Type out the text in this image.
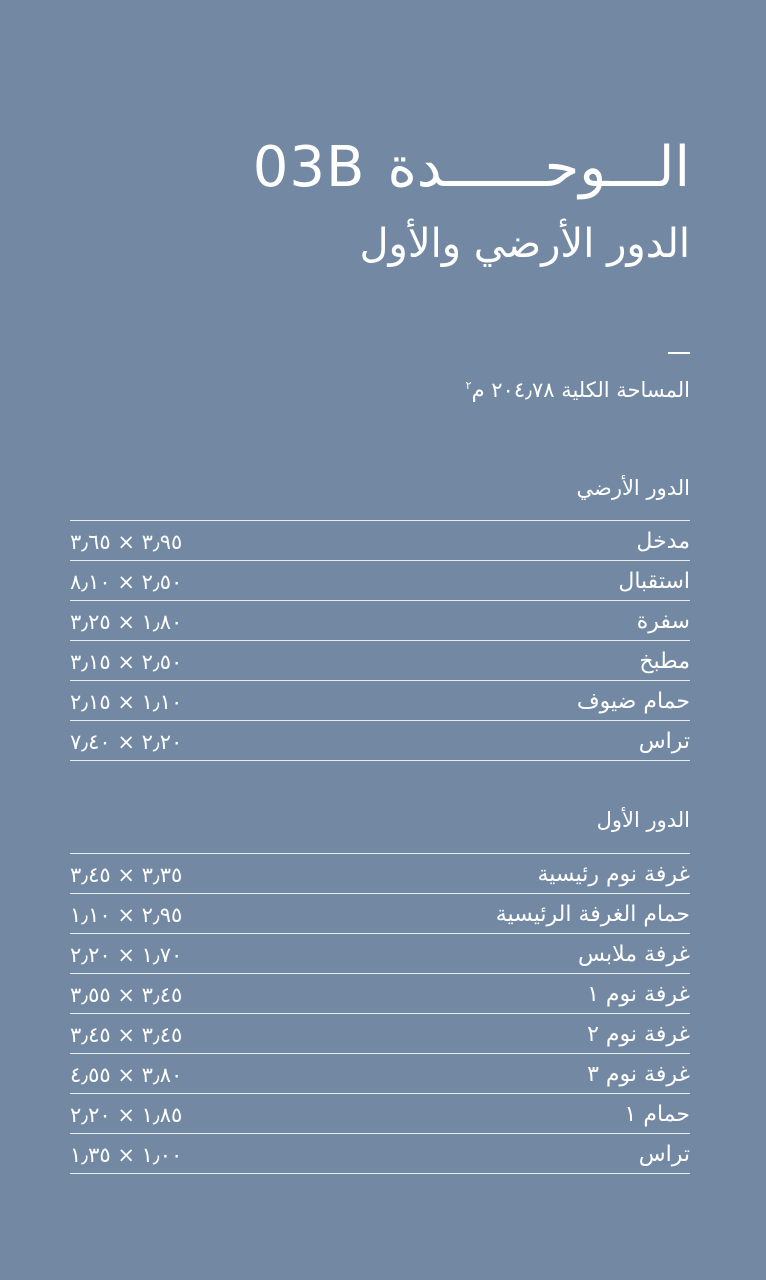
03B الـــوحــــــدة
الدور الأرضي والأول
المساحة الكلية ٢٠٤٫٧٨ م$^٢$
الدور الأرضي
٣٫٩٥ × ٣٫٦٥	مدخل
٢٫٥٠ × ٨٫١٠	استقبال
١٫٨٠ × ٣٫٢٥	سفرة
٢٫٥٠ × ٣٫١٥	مطبخ
١٫١٠ × ٢٫١٥	حمام ضيوف
٢٫٢٠ × ٧٫٤٠	تراس
الدور الأول
٣٫٣٥ × ٣٫٤٥	غرفة نوم رئيسية
٢٫٩٥ × ١٫١٠	حمام الغرفة الرئيسية
١٫٧٠ × ٢٫٢٠	غرفة ملابس
٣٫٤٥ × ٣٫٥٥	غرفة نوم ١
٣٫٤٥ × ٣٫٤٥	غرفة نوم ٢
٣٫٨٠ × ٤٫٥٥	غرفة نوم ٣
١٫٨٥ × ٢٫٢٠	حمام ١
١٫٠٠ × ١٫٣٥	تراس
